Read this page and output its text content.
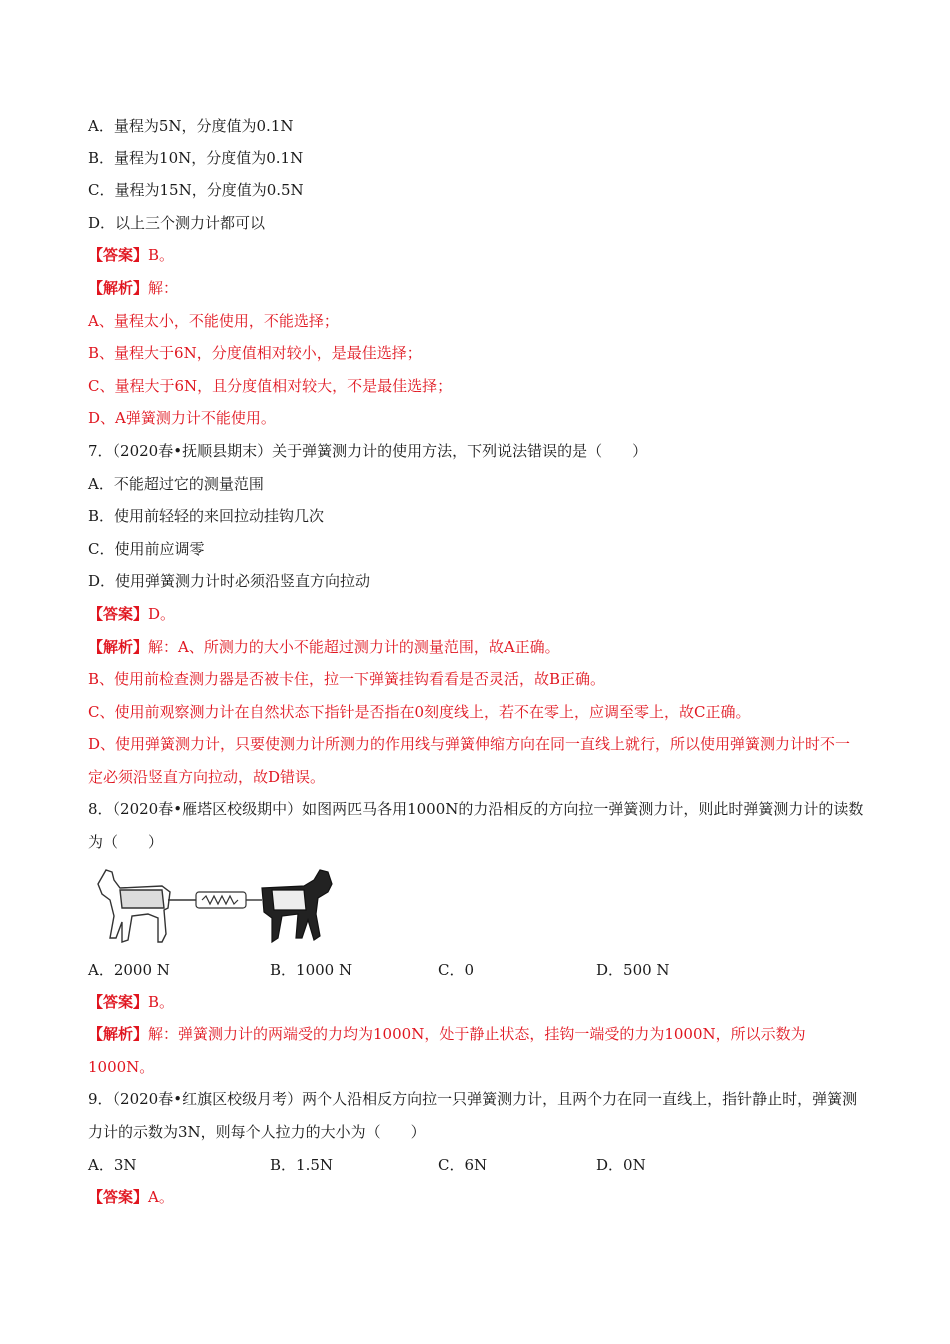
A．量程为5N，分度值为0.1N
B．量程为10N，分度值为0.1N
C．量程为15N，分度值为0.5N
D．以上三个测力计都可以
【答案】B。
【解析】解：
A、量程太小，不能使用，不能选择；
B、量程大于6N，分度值相对较小，是最佳选择；
C、量程大于6N，且分度值相对较大，不是最佳选择；
D、A弹簧测力计不能使用。
7．（2020春•抚顺县期末）关于弹簧测力计的使用方法，下列说法错误的是（　　）
A．不能超过它的测量范围
B．使用前轻轻的来回拉动挂钩几次
C．使用前应调零
D．使用弹簧测力计时必须沿竖直方向拉动
【答案】D。
【解析】解：A、所测力的大小不能超过测力计的测量范围，故A正确。
B、使用前检查测力器是否被卡住，拉一下弹簧挂钩看看是否灵活，故B正确。
C、使用前观察测力计在自然状态下指针是否指在0刻度线上，若不在零上，应调至零上，故C正确。
D、使用弹簧测力计，只要使测力计所测力的作用线与弹簧伸缩方向在同一直线上就行，所以使用弹簧测力计时不一定必须沿竖直方向拉动，故D错误。
8．（2020春•雁塔区校级期中）如图两匹马各用1000N的力沿相反的方向拉一弹簧测力计，则此时弹簧测力计的读数为（　　）
A．2000 N	B．1000 N	C．0	D．500 N
【答案】B。
【解析】解：弹簧测力计的两端受的力均为1000N，处于静止状态，挂钩一端受的力为1000N，所以示数为1000N。
9．（2020春•红旗区校级月考）两个人沿相反方向拉一只弹簧测力计，且两个力在同一直线上，指针静止时，弹簧测力计的示数为3N，则每个人拉力的大小为（　　）
A．3N	B．1.5N	C．6N	D．0N
【答案】A。
